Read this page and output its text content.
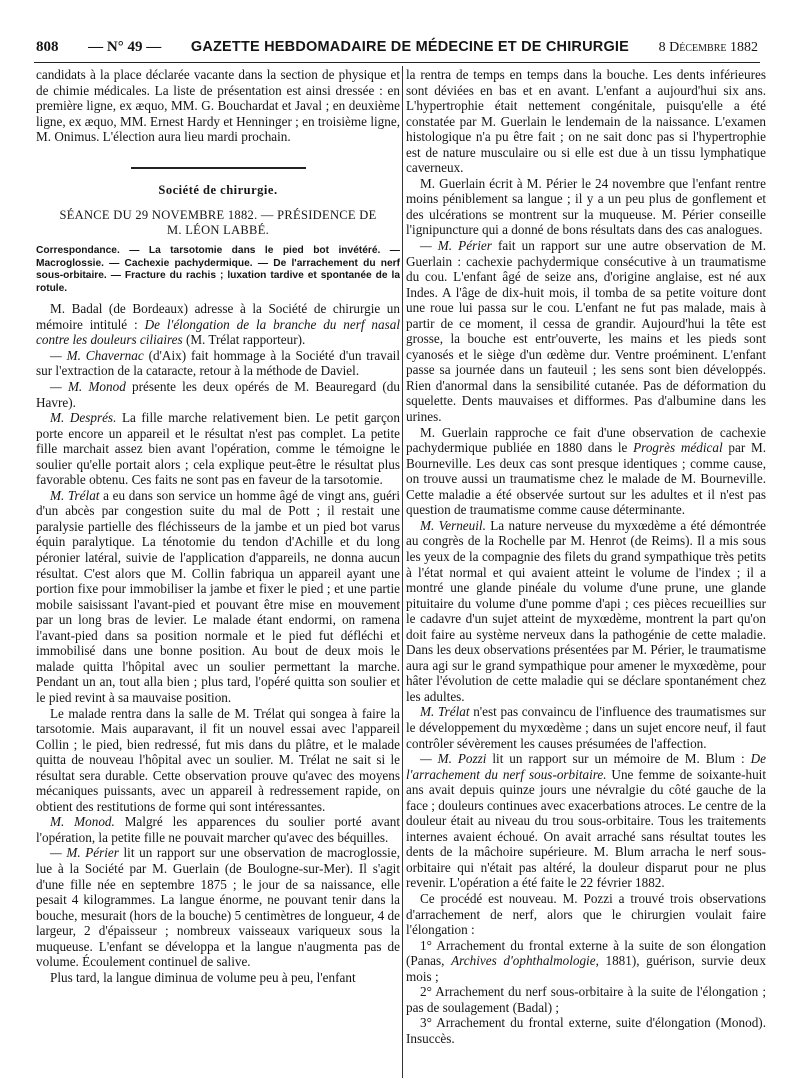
808 — N° 49 — GAZETTE HEBDOMADAIRE DE MÉDECINE ET DE CHIRURGIE 8 Décembre 1882

candidats à la place déclarée vacante dans la section de physique et de chimie médicales. La liste de présentation est ainsi dressée : en première ligne, ex æquo, MM. G. Bouchardat et Javal ; en deuxième ligne, ex æquo, MM. Ernest Hardy et Henninger ; en troisième ligne, M. Onimus. L'élection aura lieu mardi prochain.

Société de chirurgie.
SÉANCE DU 29 NOVEMBRE 1882. — PRÉSIDENCE DE
M. LÉON LABBÉ.
Correspondance. — La tarsotomie dans le pied bot invétéré. — Macroglossie. — Cachexie pachydermique. — De l'arrachement du nerf sous-orbitaire. — Fracture du rachis ; luxation tardive et spontanée de la rotule.

M. Badal (de Bordeaux) adresse à la Société de chirurgie un mémoire intitulé : De l'élongation de la branche du nerf nasal contre les douleurs ciliaires (M. Trélat rapporteur).

— M. Chavernac (d'Aix) fait hommage à la Société d'un travail sur l'extraction de la cataracte, retour à la méthode de Daviel.

— M. Monod présente les deux opérés de M. Beauregard (du Havre).

M. Després. La fille marche relativement bien. Le petit garçon porte encore un appareil et le résultat n'est pas complet. La petite fille marchait assez bien avant l'opération, comme le témoigne le soulier qu'elle portait alors ; cela explique peut-être le résultat plus favorable obtenu. Ces faits ne sont pas en faveur de la tarsotomie.

M. Trélat a eu dans son service un homme âgé de vingt ans, guéri d'un abcès par congestion suite du mal de Pott ; il restait une paralysie partielle des fléchisseurs de la jambe et un pied bot varus équin paralytique. La ténotomie du tendon d'Achille et du long péronier latéral, suivie de l'application d'appareils, ne donna aucun résultat. C'est alors que M. Collin fabriqua un appareil ayant une portion fixe pour immobiliser la jambe et fixer le pied ; et une partie mobile saisissant l'avant-pied et pouvant être mise en mouvement par un long bras de levier. Le malade étant endormi, on ramena l'avant-pied dans sa position normale et le pied fut défléchi et immobilisé dans une bonne position. Au bout de deux mois le malade quitta l'hôpital avec un soulier permettant la marche. Pendant un an, tout alla bien ; plus tard, l'opéré quitta son soulier et le pied revint à sa mauvaise position.

Le malade rentra dans la salle de M. Trélat qui songea à faire la tarsotomie. Mais auparavant, il fit un nouvel essai avec l'appareil Collin ; le pied, bien redressé, fut mis dans du plâtre, et le malade quitta de nouveau l'hôpital avec un soulier. M. Trélat ne sait si le résultat sera durable. Cette observation prouve qu'avec des moyens mécaniques puissants, avec un appareil à redressement rapide, on obtient des restitutions de forme qui sont intéressantes.

M. Monod. Malgré les apparences du soulier porté avant l'opération, la petite fille ne pouvait marcher qu'avec des béquilles.

— M. Périer lit un rapport sur une observation de macroglossie, lue à la Société par M. Guerlain (de Boulogne-sur-Mer). Il s'agit d'une fille née en septembre 1875 ; le jour de sa naissance, elle pesait 4 kilogrammes. La langue énorme, ne pouvant tenir dans la bouche, mesurait (hors de la bouche) 5 centimètres de longueur, 4 de largeur, 2 d'épaisseur ; nombreux vaisseaux variqueux sous la muqueuse. L'enfant se développa et la langue n'augmenta pas de volume. Écoulement continuel de salive.

Plus tard, la langue diminua de volume peu à peu, l'enfant

la rentra de temps en temps dans la bouche. Les dents inférieures sont déviées en bas et en avant. L'enfant a aujourd'hui six ans. L'hypertrophie était nettement congénitale, puisqu'elle a été constatée par M. Guerlain le lendemain de la naissance. L'examen histologique n'a pu être fait ; on ne sait donc pas si l'hypertrophie est de nature musculaire ou si elle est due à un tissu lymphatique caverneux.

M. Guerlain écrit à M. Périer le 24 novembre que l'enfant rentre moins péniblement sa langue ; il y a un peu plus de gonflement et des ulcérations se montrent sur la muqueuse. M. Périer conseille l'ignipuncture qui a donné de bons résultats dans des cas analogues.

— M. Périer fait un rapport sur une autre observation de M. Guerlain : cachexie pachydermique consécutive à un traumatisme du cou. L'enfant âgé de seize ans, d'origine anglaise, est né aux Indes. A l'âge de dix-huit mois, il tomba de sa petite voiture dont une roue lui passa sur le cou. L'enfant ne fut pas malade, mais à partir de ce moment, il cessa de grandir. Aujourd'hui la tête est grosse, la bouche est entr'ouverte, les mains et les pieds sont cyanosés et le siège d'un œdème dur. Ventre proéminent. L'enfant passe sa journée dans un fauteuil ; les sens sont bien développés. Rien d'anormal dans la sensibilité cutanée. Pas de déformation du squelette. Dents mauvaises et difformes. Pas d'albumine dans les urines.

M. Guerlain rapproche ce fait d'une observation de cachexie pachydermique publiée en 1880 dans le Progrès médical par M. Bourneville. Les deux cas sont presque identiques ; comme cause, on trouve aussi un traumatisme chez le malade de M. Bourneville. Cette maladie a été observée surtout sur les adultes et il n'est pas question de traumatisme comme cause déterminante.

M. Verneuil. La nature nerveuse du myxœdème a été démontrée au congrès de la Rochelle par M. Henrot (de Reims). Il a mis sous les yeux de la compagnie des filets du grand sympathique très petits à l'état normal et qui avaient atteint le volume de l'index ; il a montré une glande pinéale du volume d'une prune, une glande pituitaire du volume d'une pomme d'api ; ces pièces recueillies sur le cadavre d'un sujet atteint de myxœdème, montrent la part qu'on doit faire au système nerveux dans la pathogénie de cette maladie. Dans les deux observations présentées par M. Périer, le traumatisme aura agi sur le grand sympathique pour amener le myxœdème, pour hâter l'évolution de cette maladie qui se déclare spontanément chez les adultes.

M. Trélat n'est pas convaincu de l'influence des traumatismes sur le développement du myxœdème ; dans un sujet encore neuf, il faut contrôler sévèrement les causes présumées de l'affection.

— M. Pozzi lit un rapport sur un mémoire de M. Blum : De l'arrachement du nerf sous-orbitaire. Une femme de soixante-huit ans avait depuis quinze jours une névralgie du côté gauche de la face ; douleurs continues avec exacerbations atroces. Le centre de la douleur était au niveau du trou sous-orbitaire. Tous les traitements internes avaient échoué. On avait arraché sans résultat toutes les dents de la mâchoire supérieure. M. Blum arracha le nerf sous-orbitaire qui n'était pas altéré, la douleur disparut pour ne plus revenir. L'opération a été faite le 22 février 1882.

Ce procédé est nouveau. M. Pozzi a trouvé trois observations d'arrachement de nerf, alors que le chirurgien voulait faire l'élongation :

1° Arrachement du frontal externe à la suite de son élongation (Panas, Archives d'ophthalmologie, 1881), guérison, survie deux mois ;

2° Arrachement du nerf sous-orbitaire à la suite de l'élongation ; pas de soulagement (Badal) ;

3° Arrachement du frontal externe, suite d'élongation (Monod). Insuccès.
